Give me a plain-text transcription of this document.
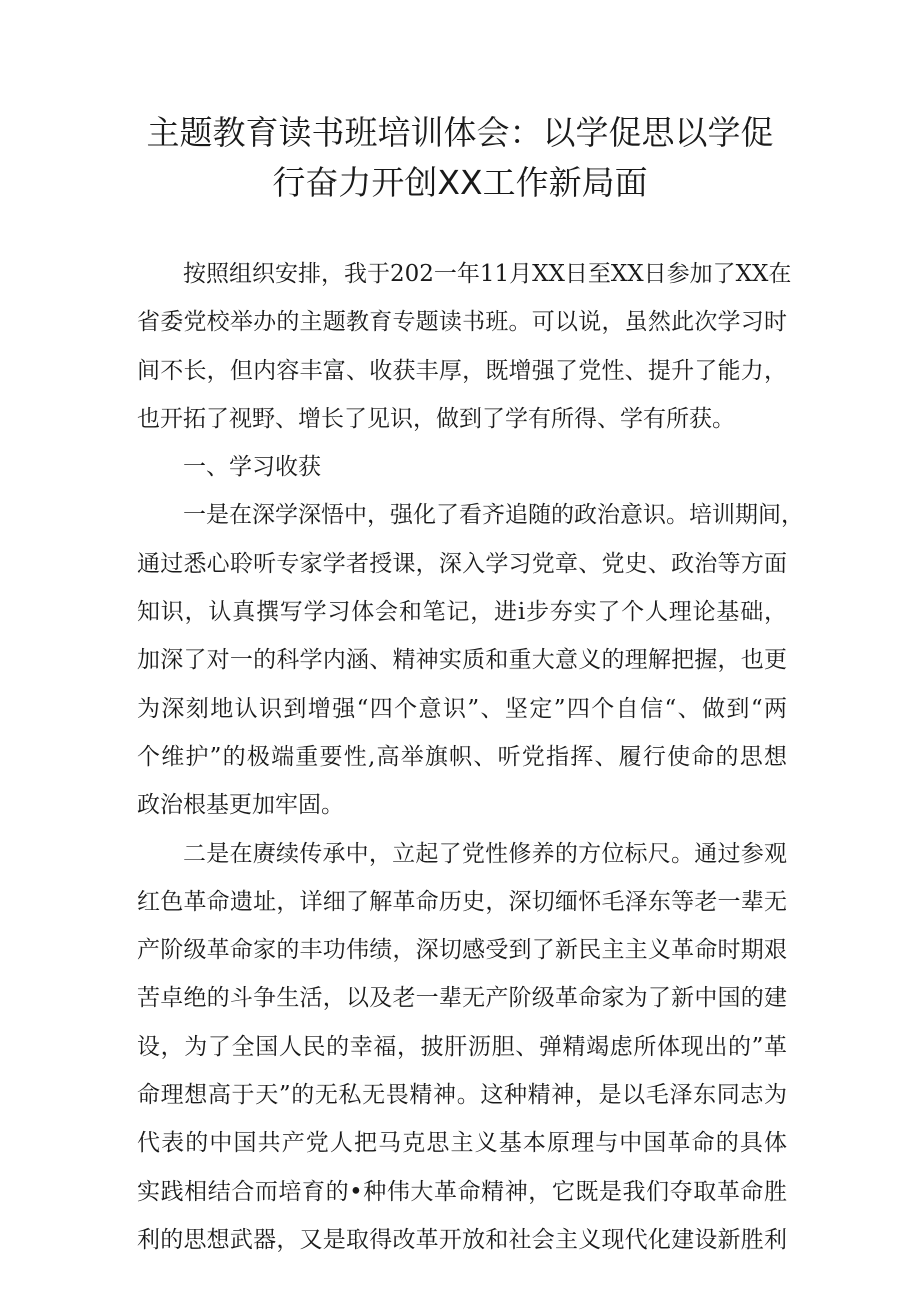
主题教育读书班培训体会：以学促思以学促
行奋力开创XX工作新局面

按照组织安排，我于202一年11月XX日至XX日参加了XX在
省委党校举办的主题教育专题读书班。可以说，虽然此次学习时
间不长，但内容丰富、收获丰厚，既增强了党性、提升了能力，
也开拓了视野、增长了见识，做到了学有所得、学有所获。

一、学习收获

一是在深学深悟中，强化了看齐追随的政治意识。培训期间，
通过悉心聆听专家学者授课，深入学习党章、党史、政治等方面
知识，认真撰写学习体会和笔记，进i步夯实了个人理论基础，
加深了对一的科学内涵、精神实质和重大意义的理解把握，也更
为深刻地认识到增强“四个意识”、坚定”四个自信“、做到“两
个维护”的极端重要性,高举旗帜、听党指挥、履行使命的思想
政治根基更加牢固。

二是在赓续传承中，立起了党性修养的方位标尺。通过参观
红色革命遗址，详细了解革命历史，深切缅怀毛泽东等老一辈无
产阶级革命家的丰功伟绩，深切感受到了新民主主义革命时期艰
苦卓绝的斗争生活，以及老一辈无产阶级革命家为了新中国的建
设，为了全国人民的幸福，披肝沥胆、弹精竭虑所体现出的”革
命理想高于天”的无私无畏精神。这种精神，是以毛泽东同志为
代表的中国共产党人把马克思主义基本原理与中国革命的具体
实践相结合而培育的•种伟大革命精神，它既是我们夺取革命胜
利的思想武器，又是取得改革开放和社会主义现代化建设新胜利
